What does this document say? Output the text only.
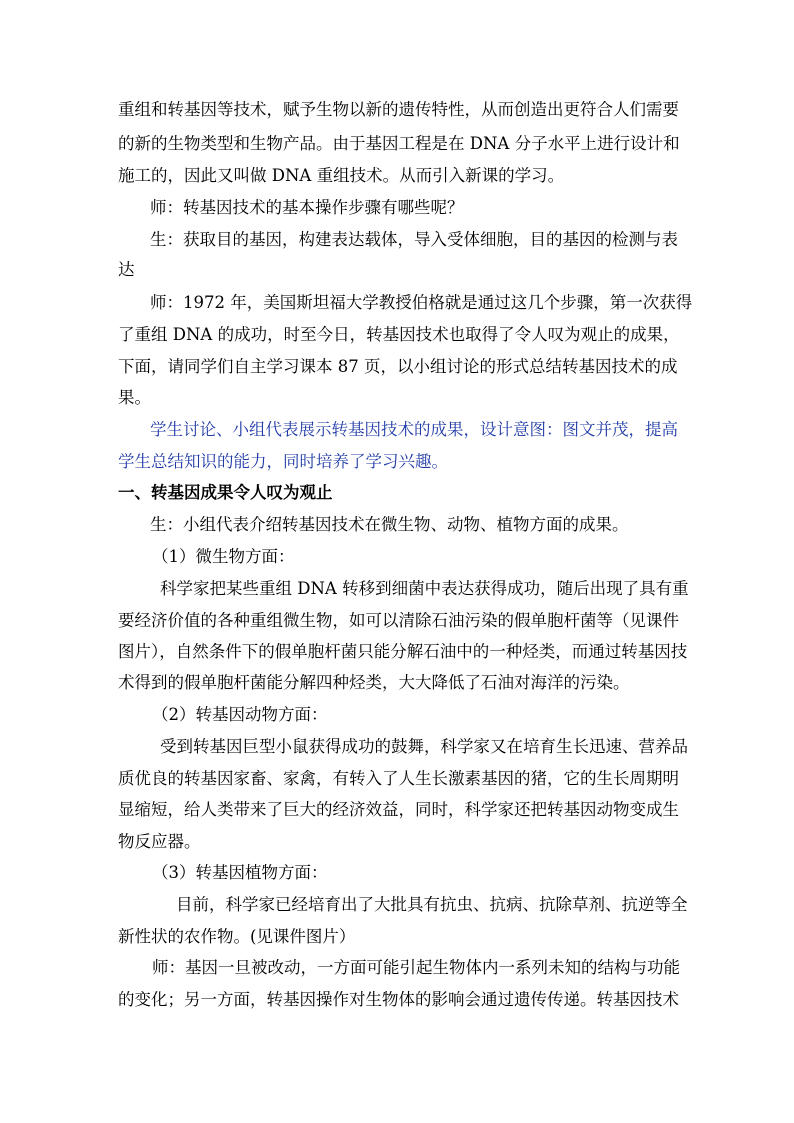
重组和转基因等技术，赋予生物以新的遗传特性，从而创造出更符合人们需要
的新的生物类型和生物产品。由于基因工程是在 DNA 分子水平上进行设计和
施工的，因此又叫做 DNA 重组技术。从而引入新课的学习。
师：转基因技术的基本操作步骤有哪些呢？
生：获取目的基因，构建表达载体，导入受体细胞，目的基因的检测与表
达
师：1972 年，美国斯坦福大学教授伯格就是通过这几个步骤，第一次获得
了重组 DNA 的成功，时至今日，转基因技术也取得了令人叹为观止的成果，
下面，请同学们自主学习课本 87 页，以小组讨论的形式总结转基因技术的成
果。
学生讨论、小组代表展示转基因技术的成果，设计意图：图文并茂，提高
学生总结知识的能力，同时培养了学习兴趣。
一、转基因成果令人叹为观止
生：小组代表介绍转基因技术在微生物、动物、植物方面的成果。
（1）微生物方面：
科学家把某些重组 DNA 转移到细菌中表达获得成功，随后出现了具有重
要经济价值的各种重组微生物，如可以清除石油污染的假单胞杆菌等（见课件
图片），自然条件下的假单胞杆菌只能分解石油中的一种烃类，而通过转基因技
术得到的假单胞杆菌能分解四种烃类，大大降低了石油对海洋的污染。
（2）转基因动物方面：
受到转基因巨型小鼠获得成功的鼓舞，科学家又在培育生长迅速、营养品
质优良的转基因家畜、家禽，有转入了人生长激素基因的猪，它的生长周期明
显缩短，给人类带来了巨大的经济效益，同时，科学家还把转基因动物变成生
物反应器。
（3）转基因植物方面：
目前，科学家已经培育出了大批具有抗虫、抗病、抗除草剂、抗逆等全
新性状的农作物。(见课件图片）
师：基因一旦被改动，一方面可能引起生物体内一系列未知的结构与功能
的变化；另一方面，转基因操作对生物体的影响会通过遗传传递。转基因技术
